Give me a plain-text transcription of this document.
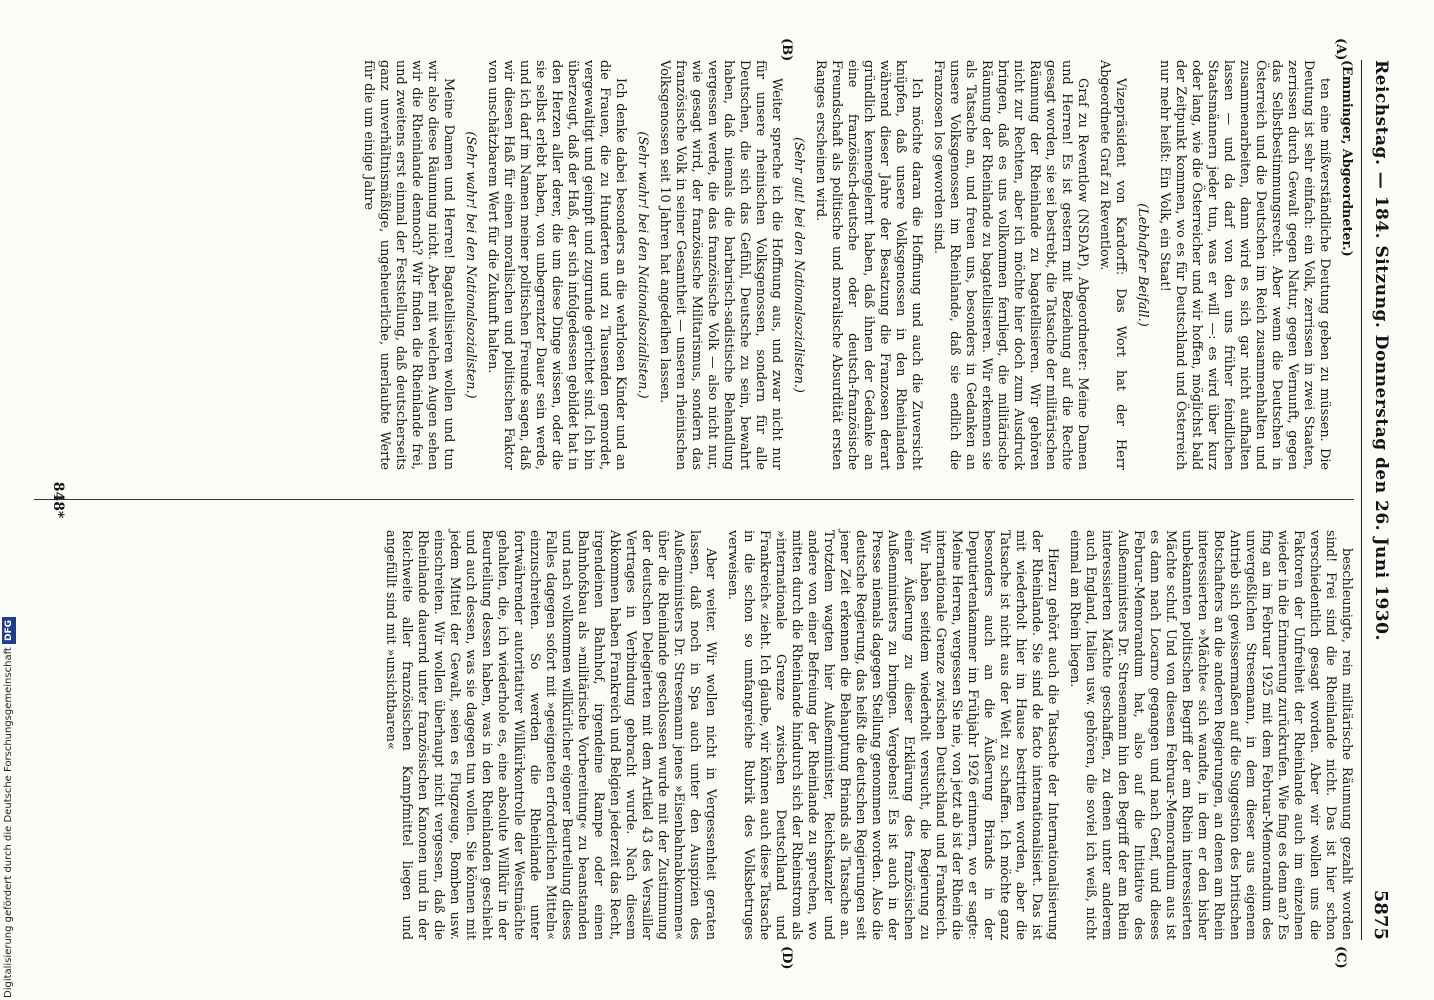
Reichstag. — 184. Sitzung. Donnerstag den 26. Juni 1930.
5875
(A)
(B)
(C)
(D)

(Emminger, Abgeordneter.)

ten eine mißverständliche Deutung geben zu müssen. Die Deutung ist sehr einfach: ein Volk, zerrissen in zwei Staaten, zerrissen durch Gewalt gegen Natur, gegen Vernunft, gegen das Selbstbestimmungsrecht. Aber wenn die Deutschen in Österreich und die Deutschen im Reich zusammenhalten und zusammenarbeiten, dann wird es sich gar nicht aufhalten lassen — und da darf von den uns früher feindlichen Staatsmännern jeder tun, was er will —: es wird über kurz oder lang, wie die Österreicher und wir hoffen, möglichst bald der Zeitpunkt kommen, wo es für Deutschland und Österreich nur mehr heißt: Ein Volk, ein Staat!

(Lebhafter Beifall.)

Vizepräsident von Kardorff: Das Wort hat der Herr Abgeordnete Graf zu Reventlow.

Graf zu Reventlow (NSDAP), Abgeordneter: Meine Damen und Herren! Es ist gestern mit Beziehung auf die Rechte gesagt worden, sie sei bestrebt, die Tatsache der militärischen Räumung der Rheinlande zu bagatellisieren. Wir gehören nicht zur Rechten, aber ich möchte hier doch zum Ausdruck bringen, daß es uns vollkommen fernliegt, die militärische Räumung der Rheinlande zu bagatellisieren. Wir erkennen sie als Tatsache an, und freuen uns, besonders in Gedanken an unsere Volksgenossen im Rheinlande, daß sie endlich die Franzosen los geworden sind.

Ich möchte daran die Hoffnung und auch die Zuversicht knüpfen, daß unsere Volksgenossen in den Rheinlanden während dieser Jahre der Besatzung die Franzosen derart gründlich kennengelernt haben, daß ihnen der Gedanke an eine französisch-deutsche oder deutsch-französische Freundschaft als politische und moralische Absurdität ersten Ranges erscheinen wird.

(Sehr gut! bei den Nationalsozialisten.)

Weiter spreche ich die Hoffnung aus, und zwar nicht nur für unsere rheinischen Volksgenossen, sondern für alle Deutschen, die sich das Gefühl, Deutsche zu sein, bewahrt haben, daß niemals die barbarisch-sadistische Behandlung vergessen werde, die das französische Volk — also nicht nur, wie gesagt wird, der französische Militarismus, sondern das französische Volk in seiner Gesamtheit — unseren rheinischen Volksgenossen seit 10 Jahren hat angedeihen lassen.

(Sehr wahr! bei den Nationalsozialisten.)

Ich denke dabei besonders an die wehrlosen Kinder und an die Frauen, die zu Hunderten und zu Tausenden gemordet, vergewaltigt und geimpft und zugrunde gerichtet sind. Ich bin überzeugt, daß der Haß, der sich infolgedessen gebildet hat in den Herzen aller derer, die um diese Dinge wissen, oder die sie selbst erlebt haben, von unbegrenzter Dauer sein werde, und ich darf im Namen meiner politischen Freunde sagen, daß wir diesen Haß für einen moralischen und politischen Faktor von unschätzbarem Wert für die Zukunft halten.

(Sehr wahr! bei den Nationalsozialisten.)

Meine Damen und Herren! Bagatellisieren wollen und tun wir also diese Räumung nicht. Aber mit welchen Augen sehen wir die Rheinlande dennoch? Wir finden die Rheinlande frei, und zweitens erst einmal der Feststellung, daß deutscherseits ganz unverhältnismäßige, ungeheuerliche, unerlaubte Werte für die um einige Jahre

beschleunigte, rein militärische Räumung gezahlt worden sind! Frei sind die Rheinlande nicht. Das ist hier schon verschiedentlich gesagt worden. Aber wir wollen uns die Faktoren der Unfreiheit der Rheinlande auch im einzelnen wieder in die Erinnerung zurückrufen. Wie fing es denn an? Es fing an im Februar 1925 mit dem Februar-Memorandum des unvergeßlichen Stresemann, in dem dieser aus eigenem Antrieb sich gewissermaßen auf die Suggestion des britischen Botschafters an die anderen Regierungen, an denen am Rhein interessierten »Mächte« sich wandte, in dem er den bisher unbekannten politischen Begriff der am Rhein interessierten Mächte schuf. Und von diesem Februar-Memorandum aus ist es dann nach Locarno gegangen und nach Genf, und dieses Februar-Memorandum hat, also auf die Initiative des Außenministers Dr. Stresemann hin den Begriff der am Rhein interessierten Mächte geschaffen, zu denen unter anderem auch England, Italien usw. gehören, die soviel ich weiß, nicht einmal am Rhein liegen.

Hierzu gehört auch die Tatsache der Internationalisierung der Rheinlande. Sie sind de facto internationalisiert. Das ist mit wiederholt hier im Hause bestritten worden, aber die Tatsache ist nicht aus der Welt zu schaffen. Ich möchte ganz besonders auch an die Äußerung Briands in der Deputiertenkammer im Frühjahr 1926 erinnern, wo er sagte: Meine Herren, vergessen Sie nie, von jetzt ab ist der Rhein die internationale Grenze zwischen Deutschland und Frankreich. Wir haben seitdem wiederholt versucht, die Regierung zu einer Äußerung zu dieser Erklärung des französischen Außenministers zu bringen. Vergebens! Es ist auch in der Presse niemals dagegen Stellung genommen worden. Also die deutsche Regierung, das heißt die deutschen Regierungen seit jener Zeit erkennen die Behauptung Briands als Tatsache an. Trotzdem wagten hier Außenminister, Reichskanzler und andere von einer Befreiung der Rheinlande zu sprechen, wo mitten durch die Rheinlande hindurch sich der Rheinstrom als »internationale Grenze zwischen Deutschland und Frankreich« zieht. Ich glaube, wir können auch diese Tatsache in die schon so umfangreiche Rubrik des Volksbetruges verweisen.

Aber weiter. Wir wollen nicht in Vergessenheit geraten lassen, daß noch in Spa auch unter den Auspizien des Außenministers Dr. Stresemann jenes »Eisenbahnabkommen« über die Rheinlande geschlossen wurde mit der Zustimmung der deutschen Delegierten mit dem Artikel 43 des Versailler Vertrages in Verbindung gebracht wurde. Nach diesem Abkommen haben Frankreich und Belgien jederzeit das Recht, irgendeinen Bahnhof, irgendeine Rampe oder einen Bahnhofsbau als »militärische Vorbereitung« zu beanstanden und nach vollkommen willkürlicher eigener Beurteilung dieses Falles dagegen sofort mit »geeigneten erforderlichen Mitteln« einzuschreiten. So werden die Rheinlande unter fortwährender autoritativer Willkürkontrolle der Westmächte gehalten, die, ich wiederhole es, eine absolute Willkür in der Beurteilung dessen haben, was in den Rheinlanden geschieht und auch dessen, was sie dagegen tun wollen. Sie können mit jedem Mittel der Gewalt, seien es Flugzeuge, Bomben usw. einschreiten. Wir wollen überhaupt nicht vergessen, daß die Rheinlande dauernd unter französischen Kanonen und in der Reichweite aller französischen Kampfmittel liegen und angefüllt sind mit »unsichtbaren«

848*
Digitalisierung gefördert durch die Deutsche Forschungsgemeinschaft DFG
